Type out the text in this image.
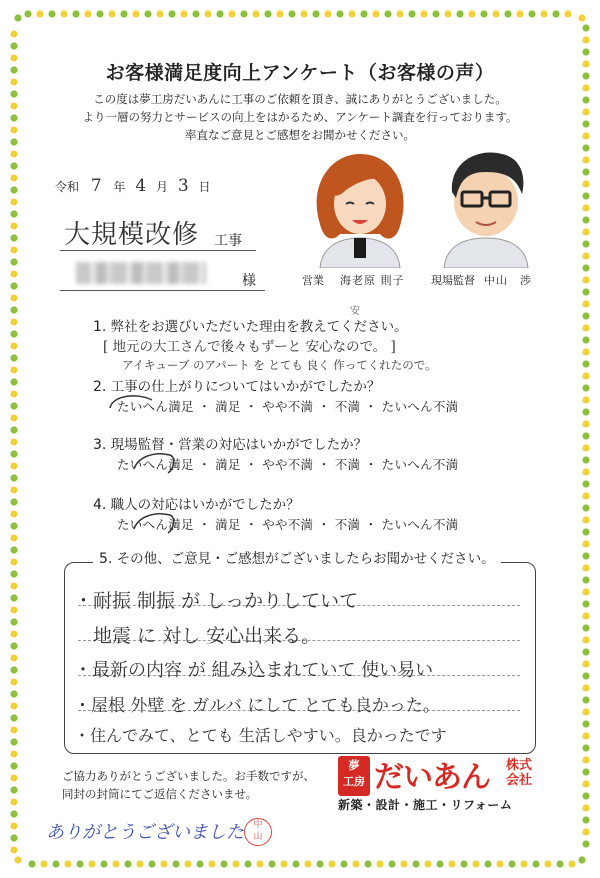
お客様満足度向上アンケート（お客様の声）
この度は夢工房だいあんに工事のご依頼を頂き、誠にありがとうございました。
より一層の努力とサービスの向上をはかるため、アンケート調査を行っております。
率直なご意見とご感想をお聞かせください。
令和 7 年 4 月 3 日
大規模改修 工事
様	営業 海老原 則子 現場監督 中山　渉
1. 弊社をお選びいただいた理由を教えてください。
安
[ 地元の大工さんで後々もずーと 安心なので。 ]
アイキューブ のアパート を とても 良く 作ってくれたので。
2. 工事の仕上がりについてはいかがでしたか？
たいへん満足 ・ 満足 ・ やや不満 ・ 不満 ・ たいへん不満
3. 現場監督・営業の対応はいかがでしたか？
たいへん満足 ・ 満足 ・ やや不満 ・ 不満 ・ たいへん不満
4. 職人の対応はいかがでしたか？
たいへん満足 ・ 満足 ・ やや不満 ・ 不満 ・ たいへん不満
5. その他、ご意見・ご感想がございましたらお聞かせください。
・耐振 制振 が しっかりしていて
　地震 に 対し 安心出来る。
・最新の内容 が 組み込まれていて 使い易い
・屋根 外壁 を ガルバ にして とても良かった。
・住んでみて、とても 生活しやすい。良かったです
ご協力ありがとうございました。お手数ですが、
同封の封筒にてご返信くださいませ。
夢
工房 だいあん 株式会社
新築・設計・施工・リフォーム
ありがとうございました	中
山
